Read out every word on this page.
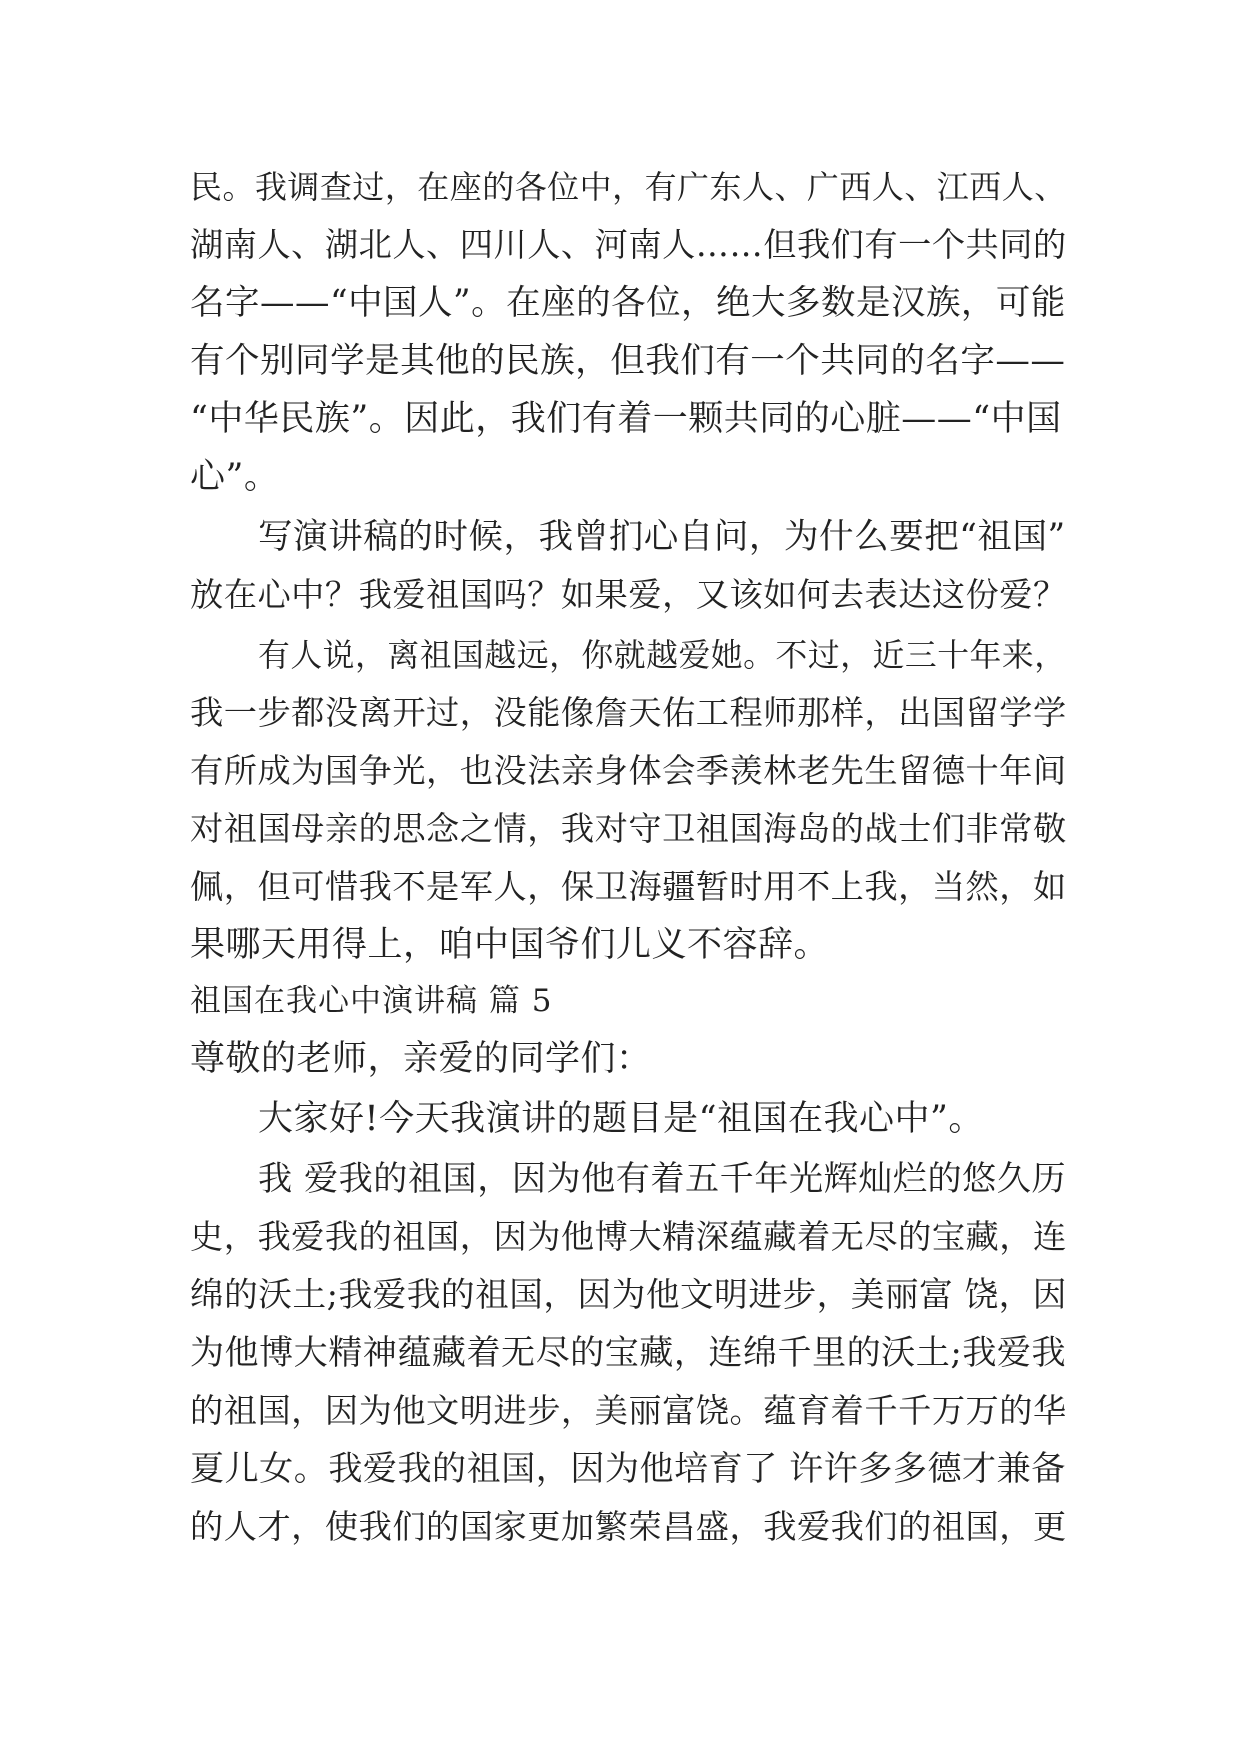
民。我调查过，在座的各位中，有广东人、广西人、江西人、
湖南人、湖北人、四川人、河南人……但我们有一个共同的
名字——“中国人”。在座的各位，绝大多数是汉族，可能
有个别同学是其他的民族，但我们有一个共同的名字——
“中华民族”。因此，我们有着一颗共同的心脏——“中国
心”。
写演讲稿的时候，我曾扪心自问，为什么要把“祖国”
放在心中？我爱祖国吗？如果爱，又该如何去表达这份爱？
有人说，离祖国越远，你就越爱她。不过，近三十年来，
我一步都没离开过，没能像詹天佑工程师那样，出国留学学
有所成为国争光，也没法亲身体会季羡林老先生留德十年间
对祖国母亲的思念之情，我对守卫祖国海岛的战士们非常敬
佩，但可惜我不是军人，保卫海疆暂时用不上我，当然，如
果哪天用得上，咱中国爷们儿义不容辞。
祖国在我心中演讲稿 篇 5
尊敬的老师，亲爱的同学们：
大家好!今天我演讲的题目是“祖国在我心中”。
我 爱我的祖国，因为他有着五千年光辉灿烂的悠久历
史，我爱我的祖国，因为他博大精深蕴藏着无尽的宝藏，连
绵的沃土;我爱我的祖国，因为他文明进步，美丽富 饶，因
为他博大精神蕴藏着无尽的宝藏，连绵千里的沃土;我爱我
的祖国，因为他文明进步，美丽富饶。蕴育着千千万万的华
夏儿女。我爱我的祖国，因为他培育了 许许多多德才兼备
的人才，使我们的国家更加繁荣昌盛，我爱我们的祖国，更
